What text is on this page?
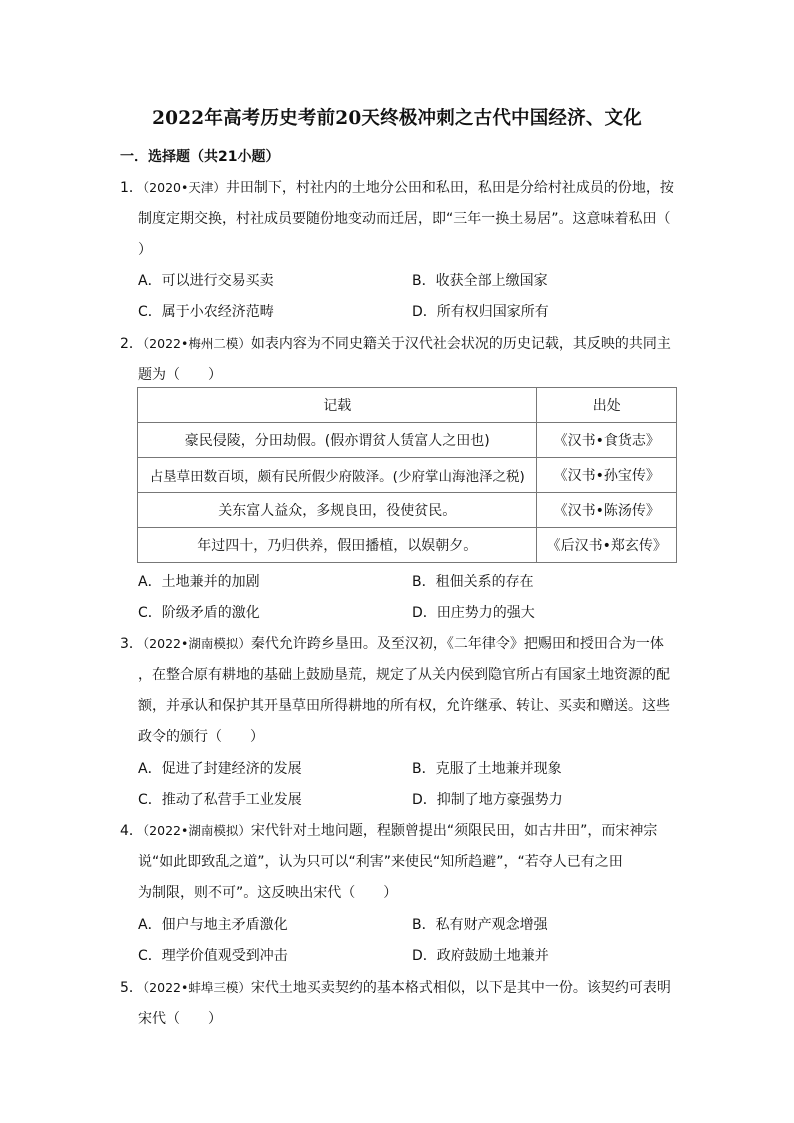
2022年高考历史考前20天终极冲刺之古代中国经济、文化
一．选择题（共21小题）
1．（2020•天津）井田制下，村社内的土地分公田和私田，私田是分给村社成员的份地，按
制度定期交换，村社成员要随份地变动而迁居，即“三年一换土易居”。这意味着私田（
）
A．可以进行交易买卖	B．收获全部上缴国家
C．属于小农经济范畴	D．所有权归国家所有
2．（2022•梅州二模）如表内容为不同史籍关于汉代社会状况的历史记载，其反映的共同主
题为（　　）
记载	出处
豪民侵陵，分田劫假。(假亦谓贫人赁富人之田也)	《汉书•食货志》
占垦草田数百顷，颇有民所假少府陂泽。(少府掌山海池泽之税)	《汉书•孙宝传》
关东富人益众，多规良田，役使贫民。	《汉书•陈汤传》
年过四十，乃归供养，假田播植，以娱朝夕。	《后汉书•郑玄传》
A．土地兼并的加剧	B．租佃关系的存在
C．阶级矛盾的激化	D．田庄势力的强大
3．（2022•湖南模拟）秦代允许跨乡垦田。及至汉初，《二年律令》把赐田和授田合为一体
，在整合原有耕地的基础上鼓励垦荒，规定了从关内侯到隐官所占有国家土地资源的配
额，并承认和保护其开垦草田所得耕地的所有权，允许继承、转让、买卖和赠送。这些
政令的颁行（　　）
A．促进了封建经济的发展	B．克服了土地兼并现象
C．推动了私营手工业发展	D．抑制了地方豪强势力
4．（2022•湖南模拟）宋代针对土地问题，程颢曾提出“须限民田，如古井田”，而宋神宗
说“如此即致乱之道”，认为只可以“利害”来使民“知所趋避”，“若夺人已有之田
为制限，则不可”。这反映出宋代（　　）
A．佃户与地主矛盾激化	B．私有财产观念增强
C．理学价值观受到冲击	D．政府鼓励土地兼并
5．（2022•蚌埠三模）宋代土地买卖契约的基本格式相似，以下是其中一份。该契约可表明
宋代（　　）
